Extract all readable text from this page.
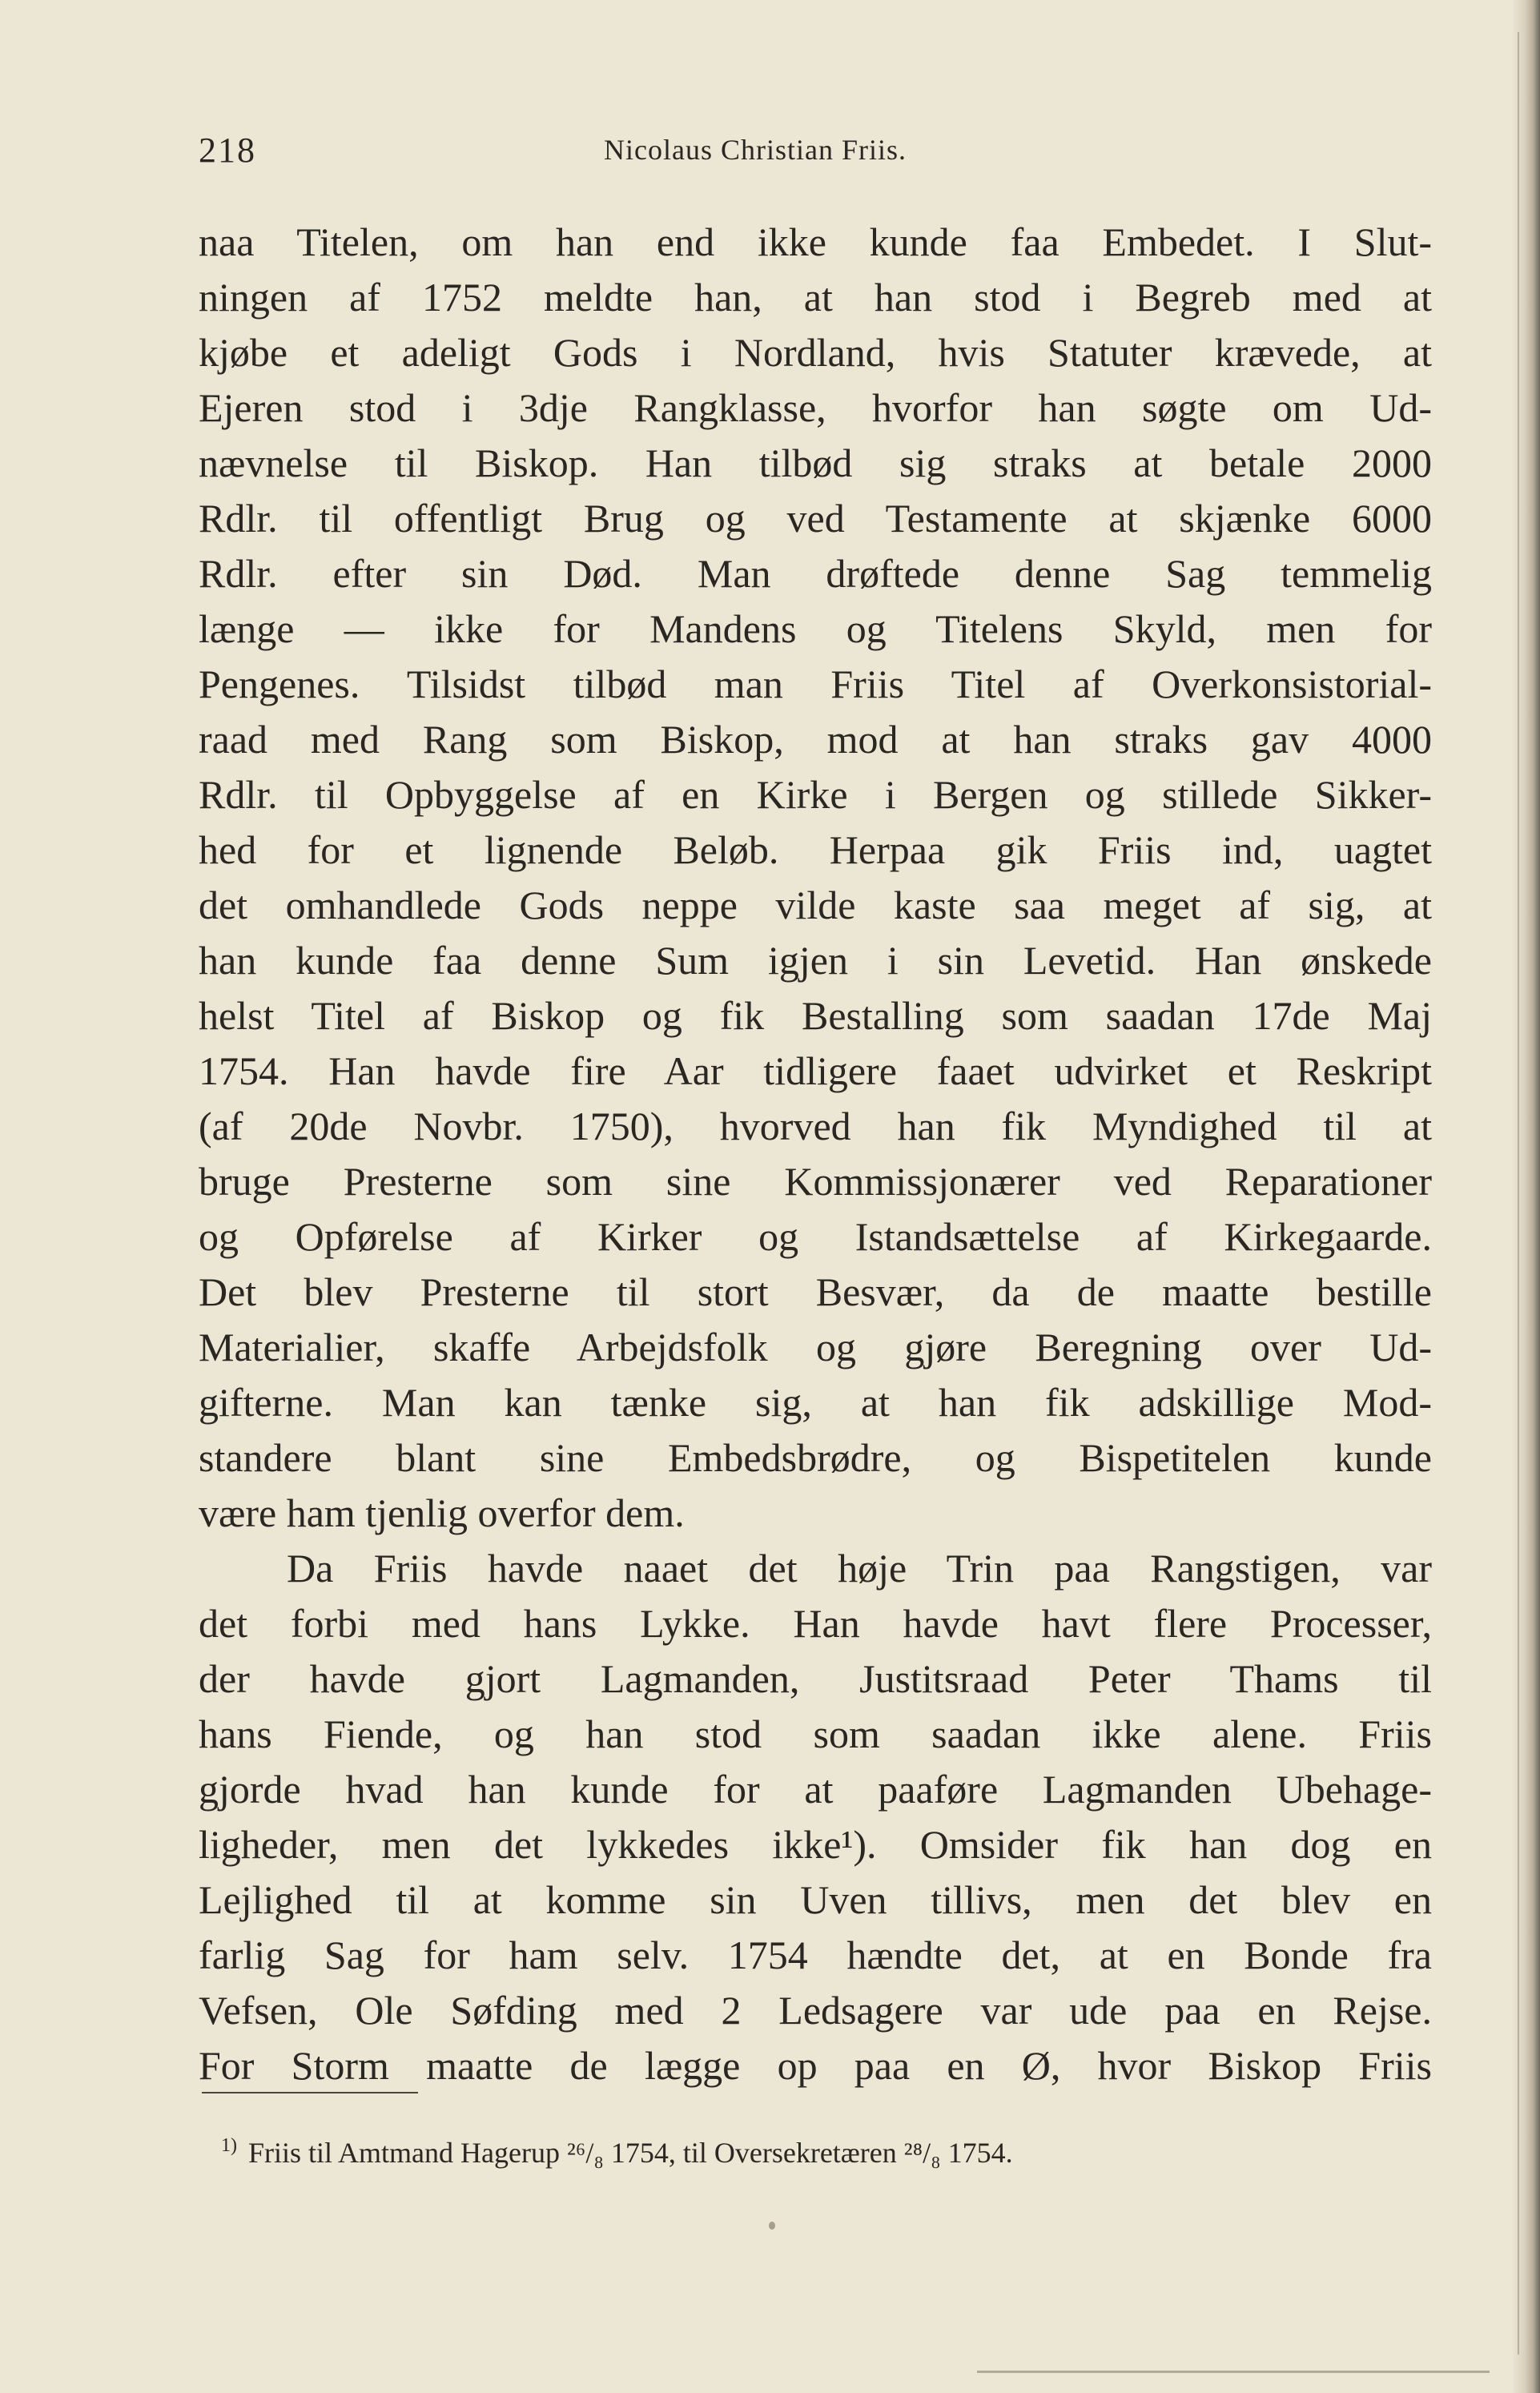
218	Nicolaus Christian Friis.
naa Titelen, om han end ikke kunde faa Embedet. I Slut-
ningen af 1752 meldte han, at han stod i Begreb med at
kjøbe et adeligt Gods i Nordland, hvis Statuter krævede, at
Ejeren stod i 3dje Rangklasse, hvorfor han søgte om Ud-
nævnelse til Biskop. Han tilbød sig straks at betale 2000
Rdlr. til offentligt Brug og ved Testamente at skjænke 6000
Rdlr. efter sin Død. Man drøftede denne Sag temmelig
længe — ikke for Mandens og Titelens Skyld, men for
Pengenes. Tilsidst tilbød man Friis Titel af Overkonsistorial-
raad med Rang som Biskop, mod at han straks gav 4000
Rdlr. til Opbyggelse af en Kirke i Bergen og stillede Sikker-
hed for et lignende Beløb. Herpaa gik Friis ind, uagtet
det omhandlede Gods neppe vilde kaste saa meget af sig, at
han kunde faa denne Sum igjen i sin Levetid. Han ønskede
helst Titel af Biskop og fik Bestalling som saadan 17de Maj
1754. Han havde fire Aar tidligere faaet udvirket et Reskript
(af 20de Novbr. 1750), hvorved han fik Myndighed til at
bruge Presterne som sine Kommissjonærer ved Reparationer
og Opførelse af Kirker og Istandsættelse af Kirkegaarde.
Det blev Presterne til stort Besvær, da de maatte bestille
Materialier, skaffe Arbejdsfolk og gjøre Beregning over Ud-
gifterne. Man kan tænke sig, at han fik adskillige Mod-
standere blant sine Embedsbrødre, og Bispetitelen kunde
være ham tjenlig overfor dem.
Da Friis havde naaet det høje Trin paa Rangstigen, var
det forbi med hans Lykke. Han havde havt flere Processer,
der havde gjort Lagmanden, Justitsraad Peter Thams til
hans Fiende, og han stod som saadan ikke alene. Friis
gjorde hvad han kunde for at paaføre Lagmanden Ubehage-
ligheder, men det lykkedes ikke¹). Omsider fik han dog en
Lejlighed til at komme sin Uven tillivs, men det blev en
farlig Sag for ham selv. 1754 hændte det, at en Bonde fra
Vefsen, Ole Søfding med 2 Ledsagere var ude paa en Rejse.
For Storm maatte de lægge op paa en Ø, hvor Biskop Friis
$^{1)}$ Friis til Amtmand Hagerup ²⁶/₈ 1754, til Oversekretæren ²⁸/₈ 1754.
